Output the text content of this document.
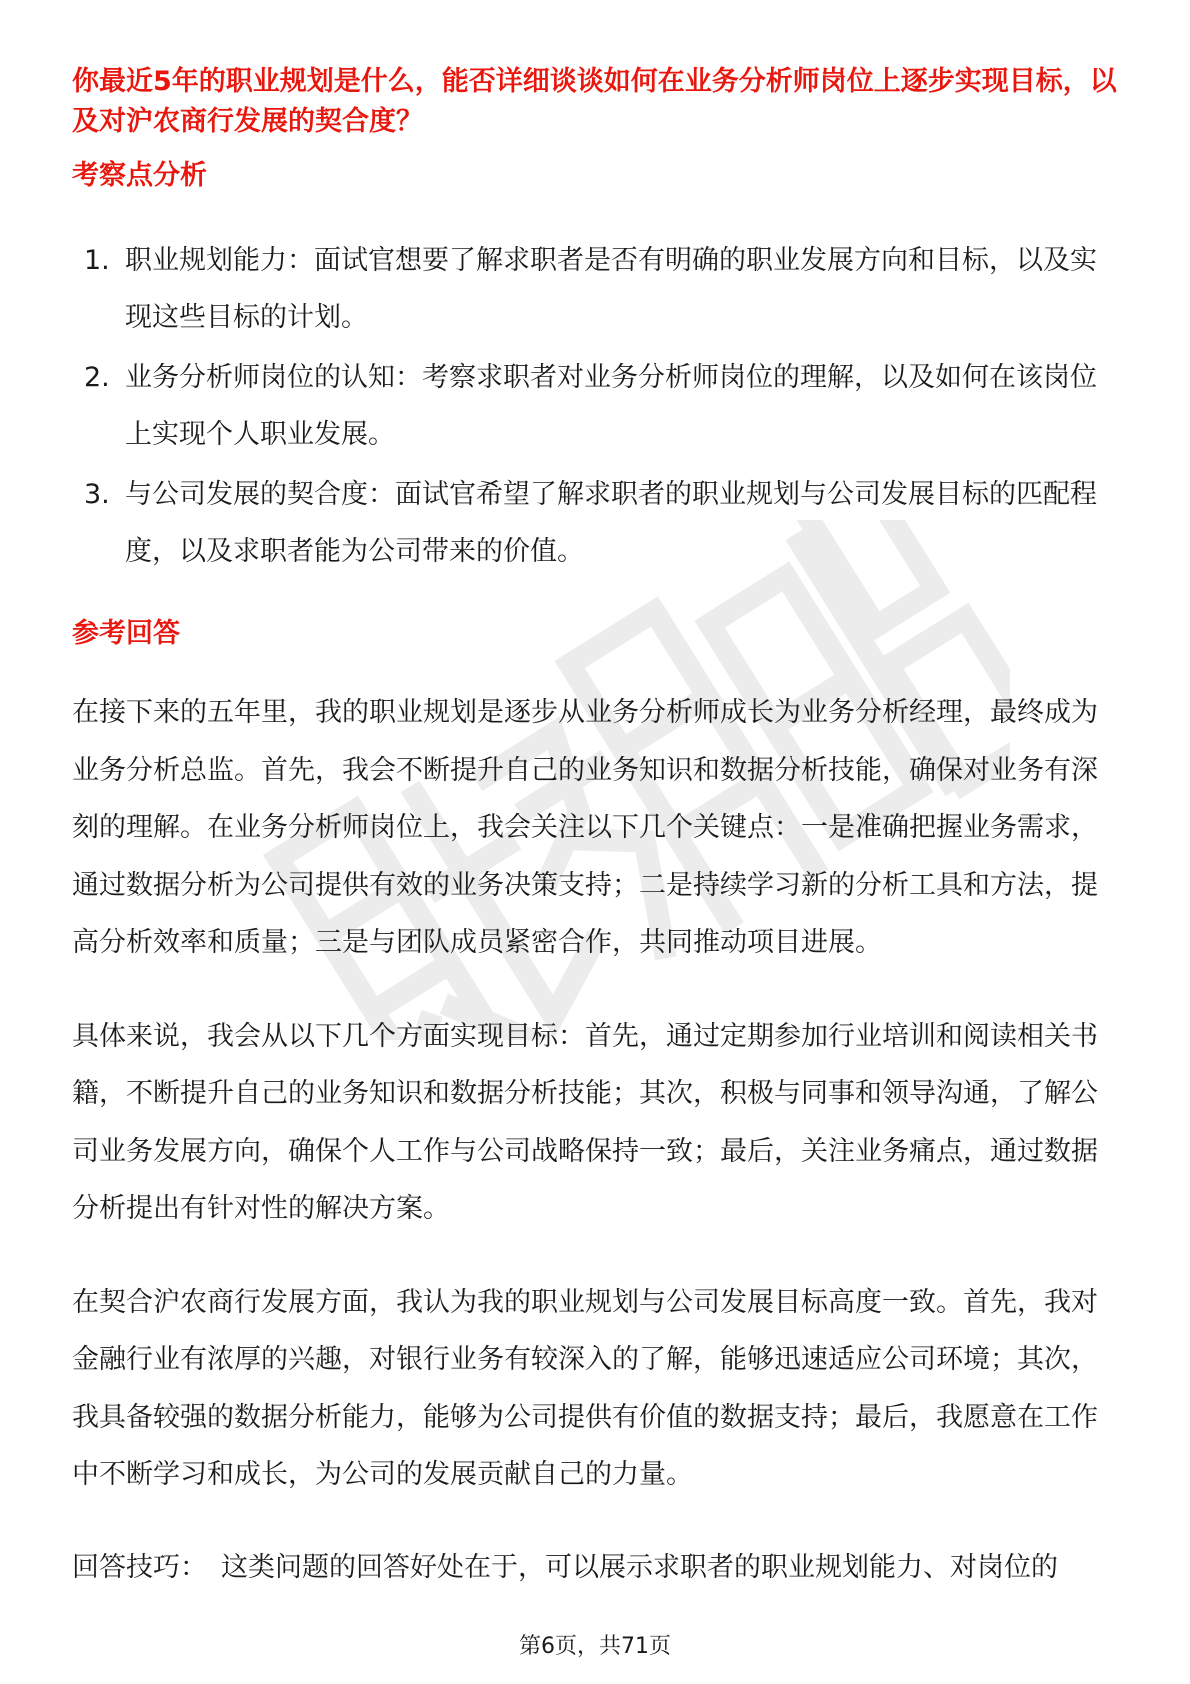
你最近5年的职业规划是什么，能否详细谈谈如何在业务分析师岗位上逐步实现目标，以及对沪农商行发展的契合度？
考察点分析
1. 职业规划能力：面试官想要了解求职者是否有明确的职业发展方向和目标，以及实现这些目标的计划。
2. 业务分析师岗位的认知：考察求职者对业务分析师岗位的理解，以及如何在该岗位上实现个人职业发展。
3. 与公司发展的契合度：面试官希望了解求职者的职业规划与公司发展目标的匹配程度，以及求职者能为公司带来的价值。
参考回答

在接下来的五年里，我的职业规划是逐步从业务分析师成长为业务分析经理，最终成为业务分析总监。首先，我会不断提升自己的业务知识和数据分析技能，确保对业务有深刻的理解。在业务分析师岗位上，我会关注以下几个关键点：一是准确把握业务需求，通过数据分析为公司提供有效的业务决策支持；二是持续学习新的分析工具和方法，提高分析效率和质量；三是与团队成员紧密合作，共同推动项目进展。

具体来说，我会从以下几个方面实现目标：首先，通过定期参加行业培训和阅读相关书籍，不断提升自己的业务知识和数据分析技能；其次，积极与同事和领导沟通，了解公司业务发展方向，确保个人工作与公司战略保持一致；最后，关注业务痛点，通过数据分析提出有针对性的解决方案。

在契合沪农商行发展方面，我认为我的职业规划与公司发展目标高度一致。首先，我对金融行业有浓厚的兴趣，对银行业务有较深入的了解，能够迅速适应公司环境；其次，我具备较强的数据分析能力，能够为公司提供有价值的数据支持；最后，我愿意在工作中不断学习和成长，为公司的发展贡献自己的力量。

回答技巧： 这类问题的回答好处在于，可以展示求职者的职业规划能力、对岗位的
第6页，共71页
